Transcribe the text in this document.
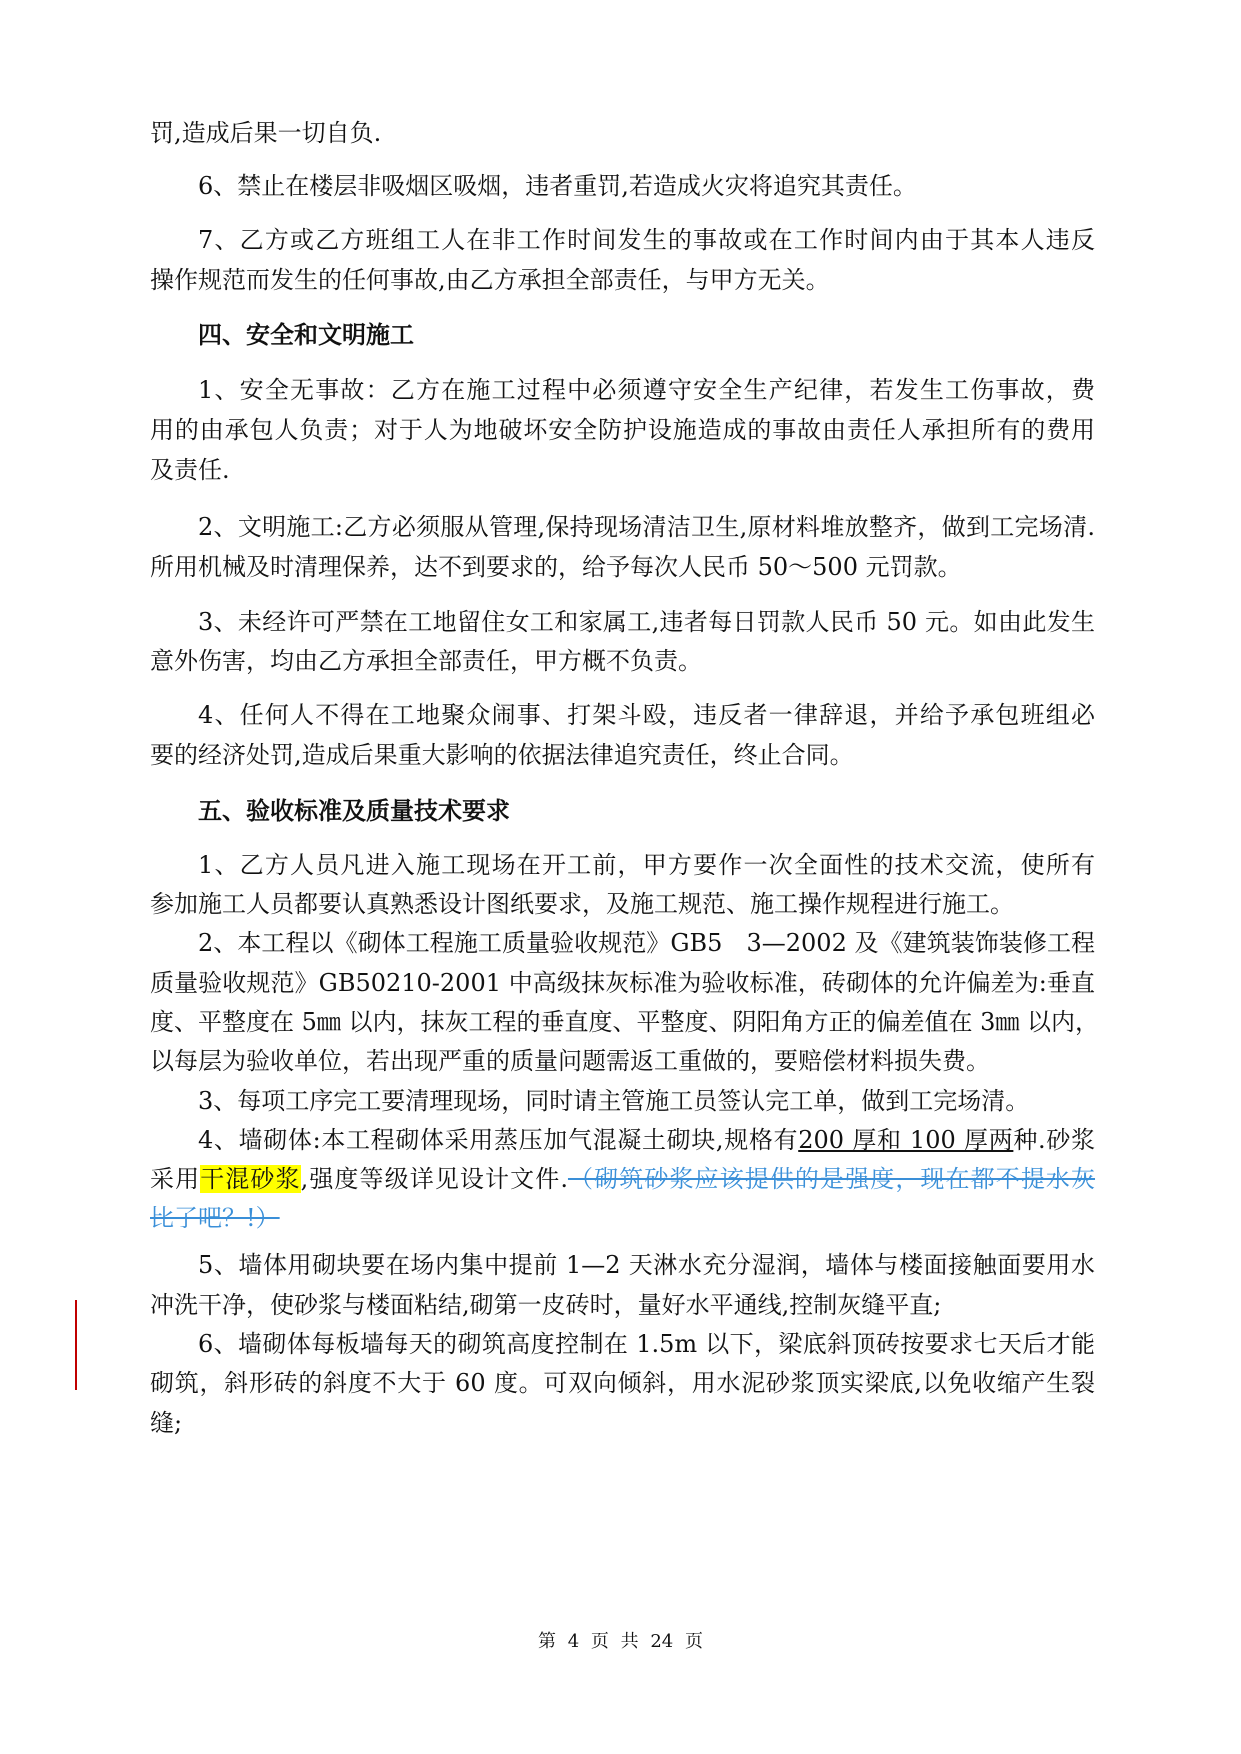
罚,造成后果一切自负.
6、禁止在楼层非吸烟区吸烟，违者重罚,若造成火灾将追究其责任。
7、乙方或乙方班组工人在非工作时间发生的事故或在工作时间内由于其本人违反
操作规范而发生的任何事故,由乙方承担全部责任，与甲方无关。
四、安全和文明施工
1、安全无事故：乙方在施工过程中必须遵守安全生产纪律，若发生工伤事故，费
用的由承包人负责；对于人为地破坏安全防护设施造成的事故由责任人承担所有的费用
及责任.
2、文明施工:乙方必须服从管理,保持现场清洁卫生,原材料堆放整齐，做到工完场清.
所用机械及时清理保养，达不到要求的，给予每次人民币 50～500 元罚款。
3、未经许可严禁在工地留住女工和家属工,违者每日罚款人民币 50 元。如由此发生
意外伤害，均由乙方承担全部责任，甲方概不负责。
4、任何人不得在工地聚众闹事、打架斗殴，违反者一律辞退，并给予承包班组必
要的经济处罚,造成后果重大影响的依据法律追究责任，终止合同。
五、验收标准及质量技术要求
1、乙方人员凡进入施工现场在开工前，甲方要作一次全面性的技术交流，使所有
参加施工人员都要认真熟悉设计图纸要求，及施工规范、施工操作规程进行施工。
2、本工程以《砌体工程施工质量验收规范》GB5　3—2002 及《建筑装饰装修工程
质量验收规范》GB50210-2001 中高级抹灰标准为验收标准，砖砌体的允许偏差为:垂直
度、平整度在 5㎜ 以内，抹灰工程的垂直度、平整度、阴阳角方正的偏差值在 3㎜ 以内，
以每层为验收单位，若出现严重的质量问题需返工重做的，要赔偿材料损失费。
3、每项工序完工要清理现场，同时请主管施工员签认完工单，做到工完场清。
4、墙砌体:本工程砌体采用蒸压加气混凝土砌块,规格有200 厚和 100 厚两种.砂浆
采用干混砂浆,强度等级详见设计文件.（砌筑砂浆应该提供的是强度，现在都不提水灰
比了吧？!）
5、墙体用砌块要在场内集中提前 1—2 天淋水充分湿润，墙体与楼面接触面要用水
冲洗干净，使砂浆与楼面粘结,砌第一皮砖时，量好水平通线,控制灰缝平直;
6、墙砌体每板墙每天的砌筑高度控制在 1.5m 以下，梁底斜顶砖按要求七天后才能
砌筑，斜形砖的斜度不大于 60 度。可双向倾斜，用水泥砂浆顶实梁底,以免收缩产生裂
缝;
第 4 页 共 24 页
